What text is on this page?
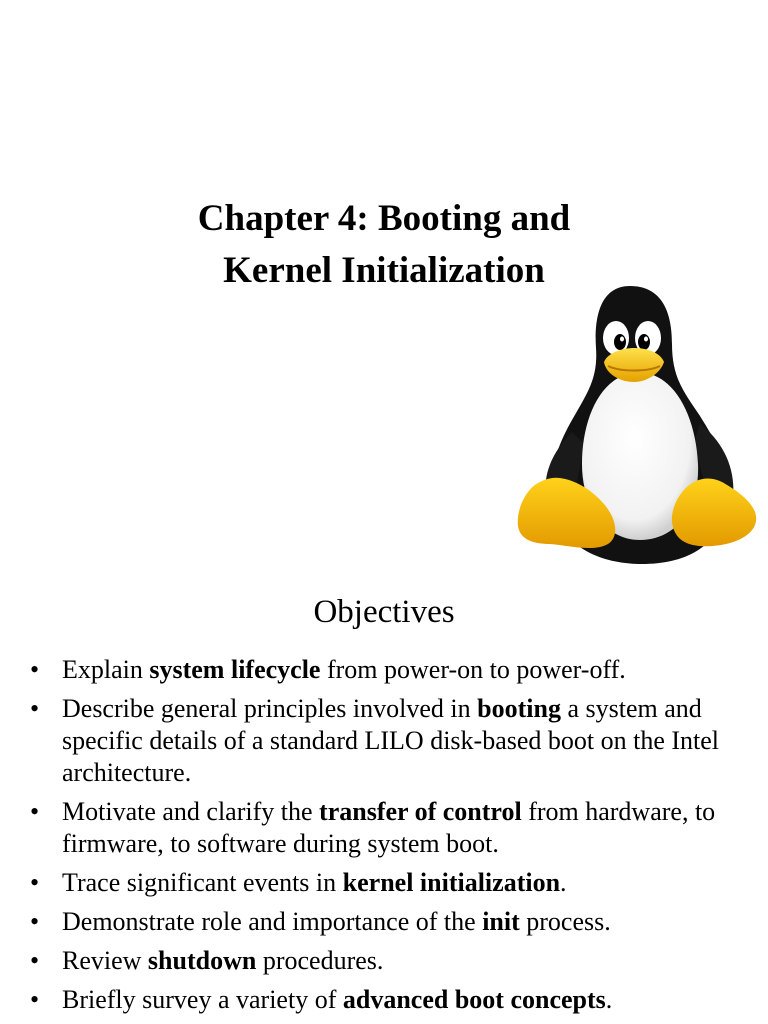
Chapter 4: Booting and
Kernel Initialization
Objectives
• Explain system lifecycle from power-on to power-off.
• Describe general principles involved in booting a system and specific details of a standard LILO disk-based boot on the Intel architecture.
• Motivate and clarify the transfer of control from hardware, to firmware, to software during system boot.
• Trace significant events in kernel initialization.
• Demonstrate role and importance of the init process.
• Review shutdown procedures.
• Briefly survey a variety of advanced boot concepts.
